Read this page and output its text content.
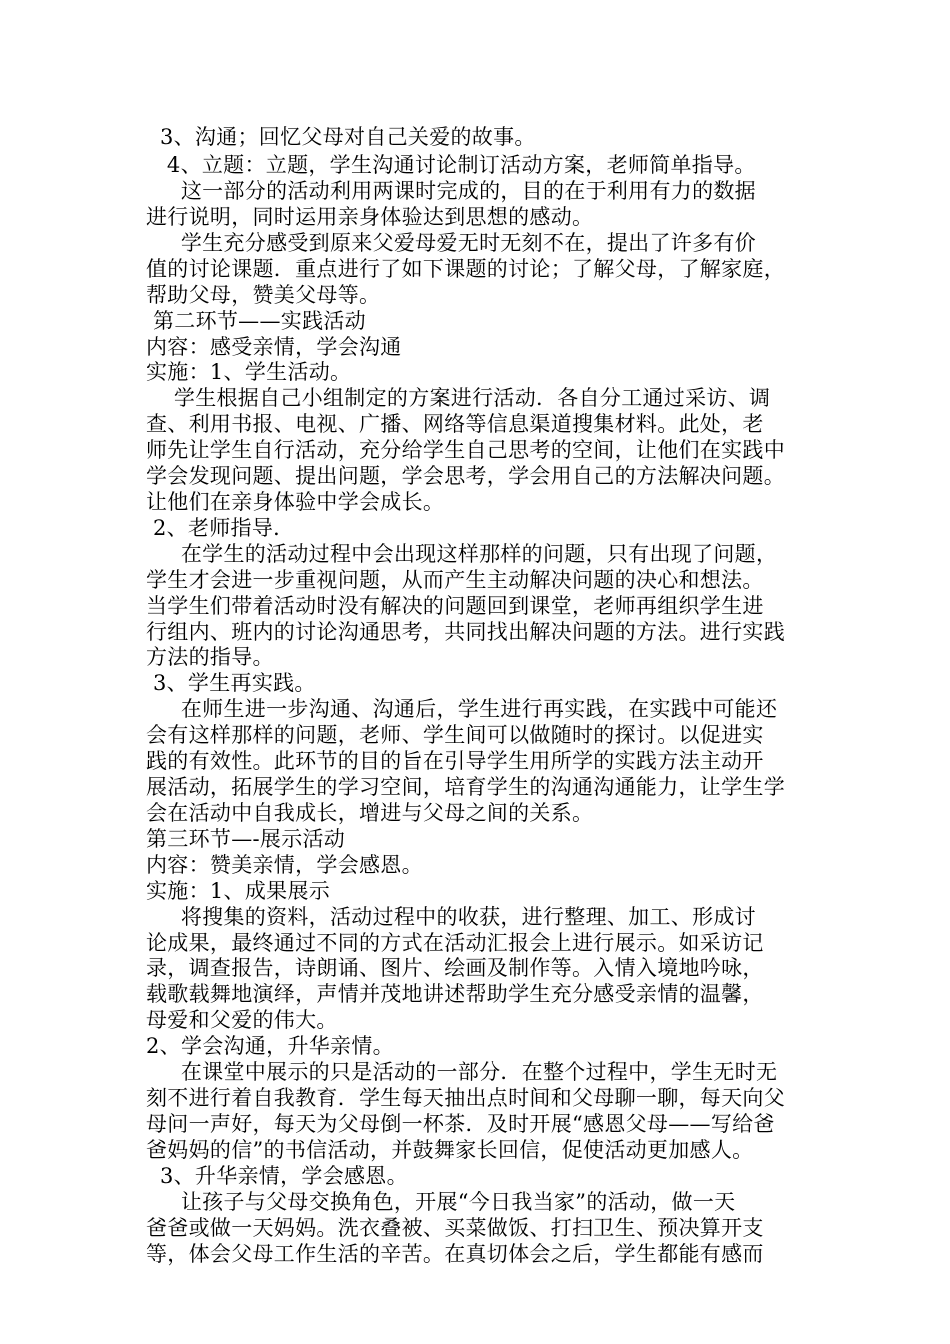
3、沟通；回忆父母对自己关爱的故事。
4、立题：立题，学生沟通讨论制订活动方案，老师简单指导。
这一部分的活动利用两课时完成的，目的在于利用有力的数据
进行说明，同时运用亲身体验达到思想的感动。
学生充分感受到原来父爱母爱无时无刻不在，提出了许多有价
值的讨论课题．重点进行了如下课题的讨论；了解父母，了解家庭，
帮助父母，赞美父母等。
第二环节——实践活动
内容：感受亲情，学会沟通
实施：1、学生活动。
学生根据自己小组制定的方案进行活动．各自分工通过采访、调
查、利用书报、电视、广播、网络等信息渠道搜集材料。此处，老
师先让学生自行活动，充分给学生自己思考的空间，让他们在实践中
学会发现问题、提出问题，学会思考，学会用自己的方法解决问题。
让他们在亲身体验中学会成长。
2、老师指导．
在学生的活动过程中会出现这样那样的问题，只有出现了问题，
学生才会进一步重视问题，从而产生主动解决问题的决心和想法。
当学生们带着活动时没有解决的问题回到课堂，老师再组织学生进
行组内、班内的讨论沟通思考，共同找出解决问题的方法。进行实践
方法的指导。
3、学生再实践。
在师生进一步沟通、沟通后，学生进行再实践，在实践中可能还
会有这样那样的问题，老师、学生间可以做随时的探讨。以促进实
践的有效性。此环节的目的旨在引导学生用所学的实践方法主动开
展活动，拓展学生的学习空间，培育学生的沟通沟通能力，让学生学
会在活动中自我成长，增进与父母之间的关系。
第三环节—-展示活动
内容：赞美亲情，学会感恩。
实施：1、成果展示
将搜集的资料，活动过程中的收获，进行整理、加工、形成讨
论成果，最终通过不同的方式在活动汇报会上进行展示。如采访记
录，调查报告，诗朗诵、图片、绘画及制作等。入情入境地吟咏，
载歌载舞地演绎，声情并茂地讲述帮助学生充分感受亲情的温馨，
母爱和父爱的伟大。
2、学会沟通，升华亲情。
在课堂中展示的只是活动的一部分．在整个过程中，学生无时无
刻不进行着自我教育．学生每天抽出点时间和父母聊一聊，每天向父
母问一声好，每天为父母倒一杯茶．及时开展“感恩父母——写给爸
爸妈妈的信”的书信活动，并鼓舞家长回信，促使活动更加感人。
3、升华亲情，学会感恩。
让孩子与父母交换角色，开展“今日我当家”的活动，做一天
爸爸或做一天妈妈。洗衣叠被、买菜做饭、打扫卫生、预决算开支
等，体会父母工作生活的辛苦。在真切体会之后，学生都能有感而
